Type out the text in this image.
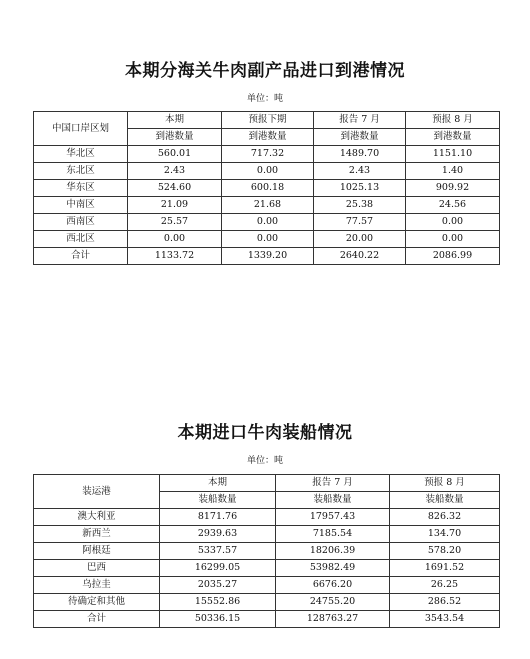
本期分海关牛肉副产品进口到港情况
单位：吨
中国口岸区划	本期	预报下期	报告 7 月	预报 8 月
	到港数量	到港数量	到港数量	到港数量
华北区	560.01	717.32	1489.70	1151.10
东北区	2.43	0.00	2.43	1.40
华东区	524.60	600.18	1025.13	909.92
中南区	21.09	21.68	25.38	24.56
西南区	25.57	0.00	77.57	0.00
西北区	0.00	0.00	20.00	0.00
合计	1133.72	1339.20	2640.22	2086.99
本期进口牛肉装船情况
单位：吨
装运港	本期	报告 7 月	预报 8 月
	装船数量	装船数量	装船数量
澳大利亚	8171.76	17957.43	826.32
新西兰	2939.63	7185.54	134.70
阿根廷	5337.57	18206.39	578.20
巴西	16299.05	53982.49	1691.52
乌拉圭	2035.27	6676.20	26.25
待确定和其他	15552.86	24755.20	286.52
合计	50336.15	128763.27	3543.54
